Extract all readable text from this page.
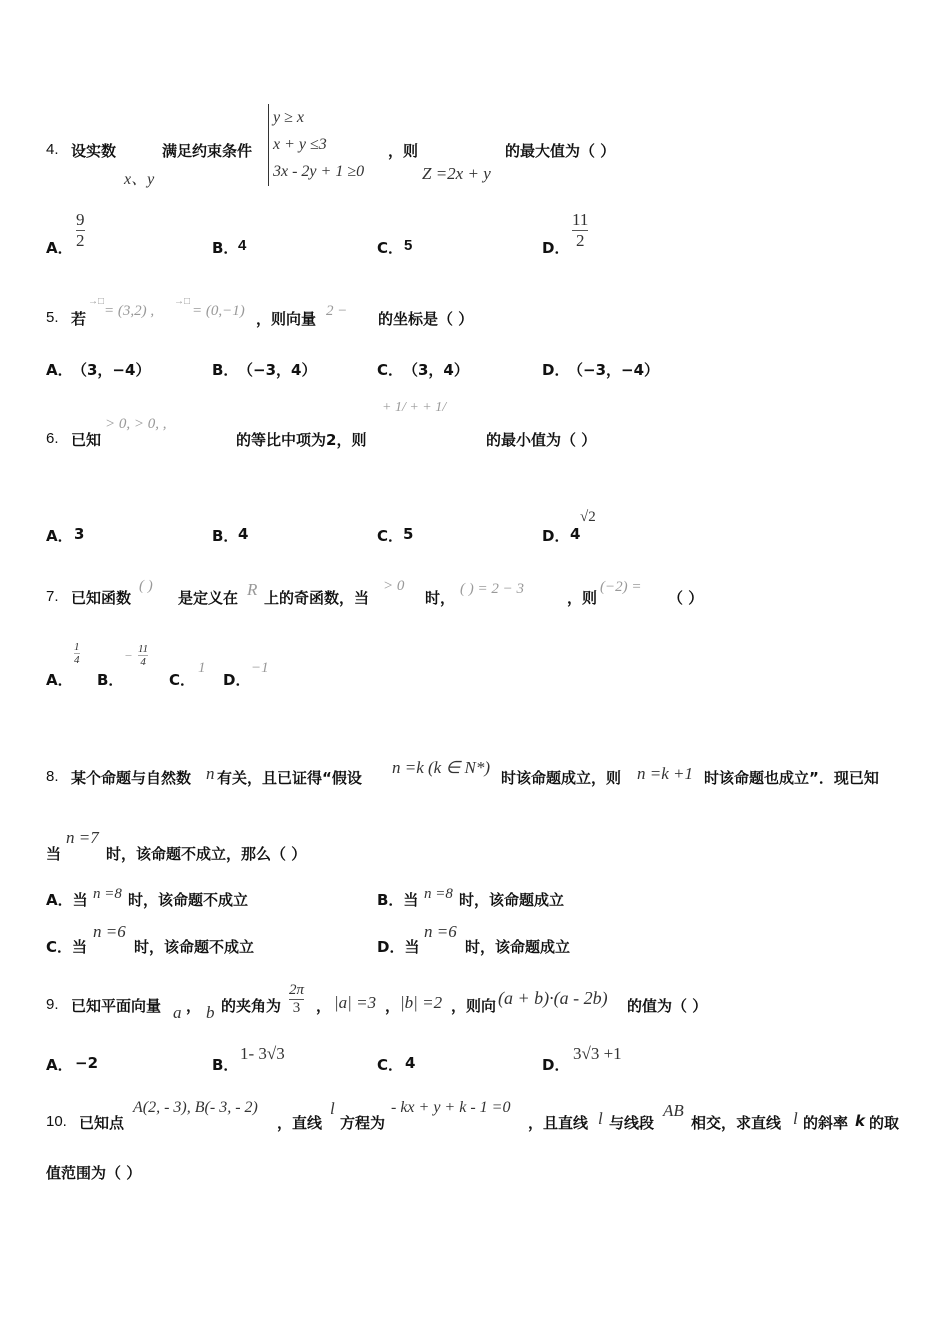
4. 设实数
x、y
满足约束条件
y ≥ x
x + y ≤3
3x - 2y + 1 ≥0
，则
Z =2x + y
的最大值为（ ）
A．
9
2	B． 4	C． 5	D．
11
2
5. 若
→□
= (3,2) ,
→□
= (0,−1) ，则向量 2 − 的坐标是（ ）
A． （3，−4）	B． （−3，4）	C． （3，4）	D．
（−3，−4）
6. 已知
> 0, > 0, ,
的等比中项为2，则
+ 1/ + + 1/
的最小值为（ ）
A． 3	B． 4	C． 5	D． 4
√2
7. 已知函数
( )
是定义在 R 上的奇函数，当
> 0
时， ( ) = 2 − 3	，则
(−2) =
（ ）
A．
1
4
B．
− 11
4
C．
1
D．
−1
8. 某个命题与自然数 n 有关，且已证得“假设
n =k (k ∈ N*)
时该命题成立，则 n =k +1 时该命题也成立”．现已知
当
n =7
时，该命题不成立，那么（ ）
A．当 n =8 时，该命题不成立	B．当 n =8 时，该命题成立
C．当
n =6
时，该命题不成立	D．当
n =6
时，该命题成立
9. 已知平面向量 a ， b 的夹角为
2π
3 ， |a| =3 ， |b| =2 ，则向 (a + b)·(a - 2b) 的值为（ ）
A． −2	B．
1- 3√3
C． 4	D．
3√3 +1
10. 已知点
A(2, - 3), B(- 3, - 2)
，直线
l
方程为
- kx + y + k - 1 =0
，且直线 l 与线段
AB
相交，求直线 l 的斜率 k 的取
值范围为（ ）
